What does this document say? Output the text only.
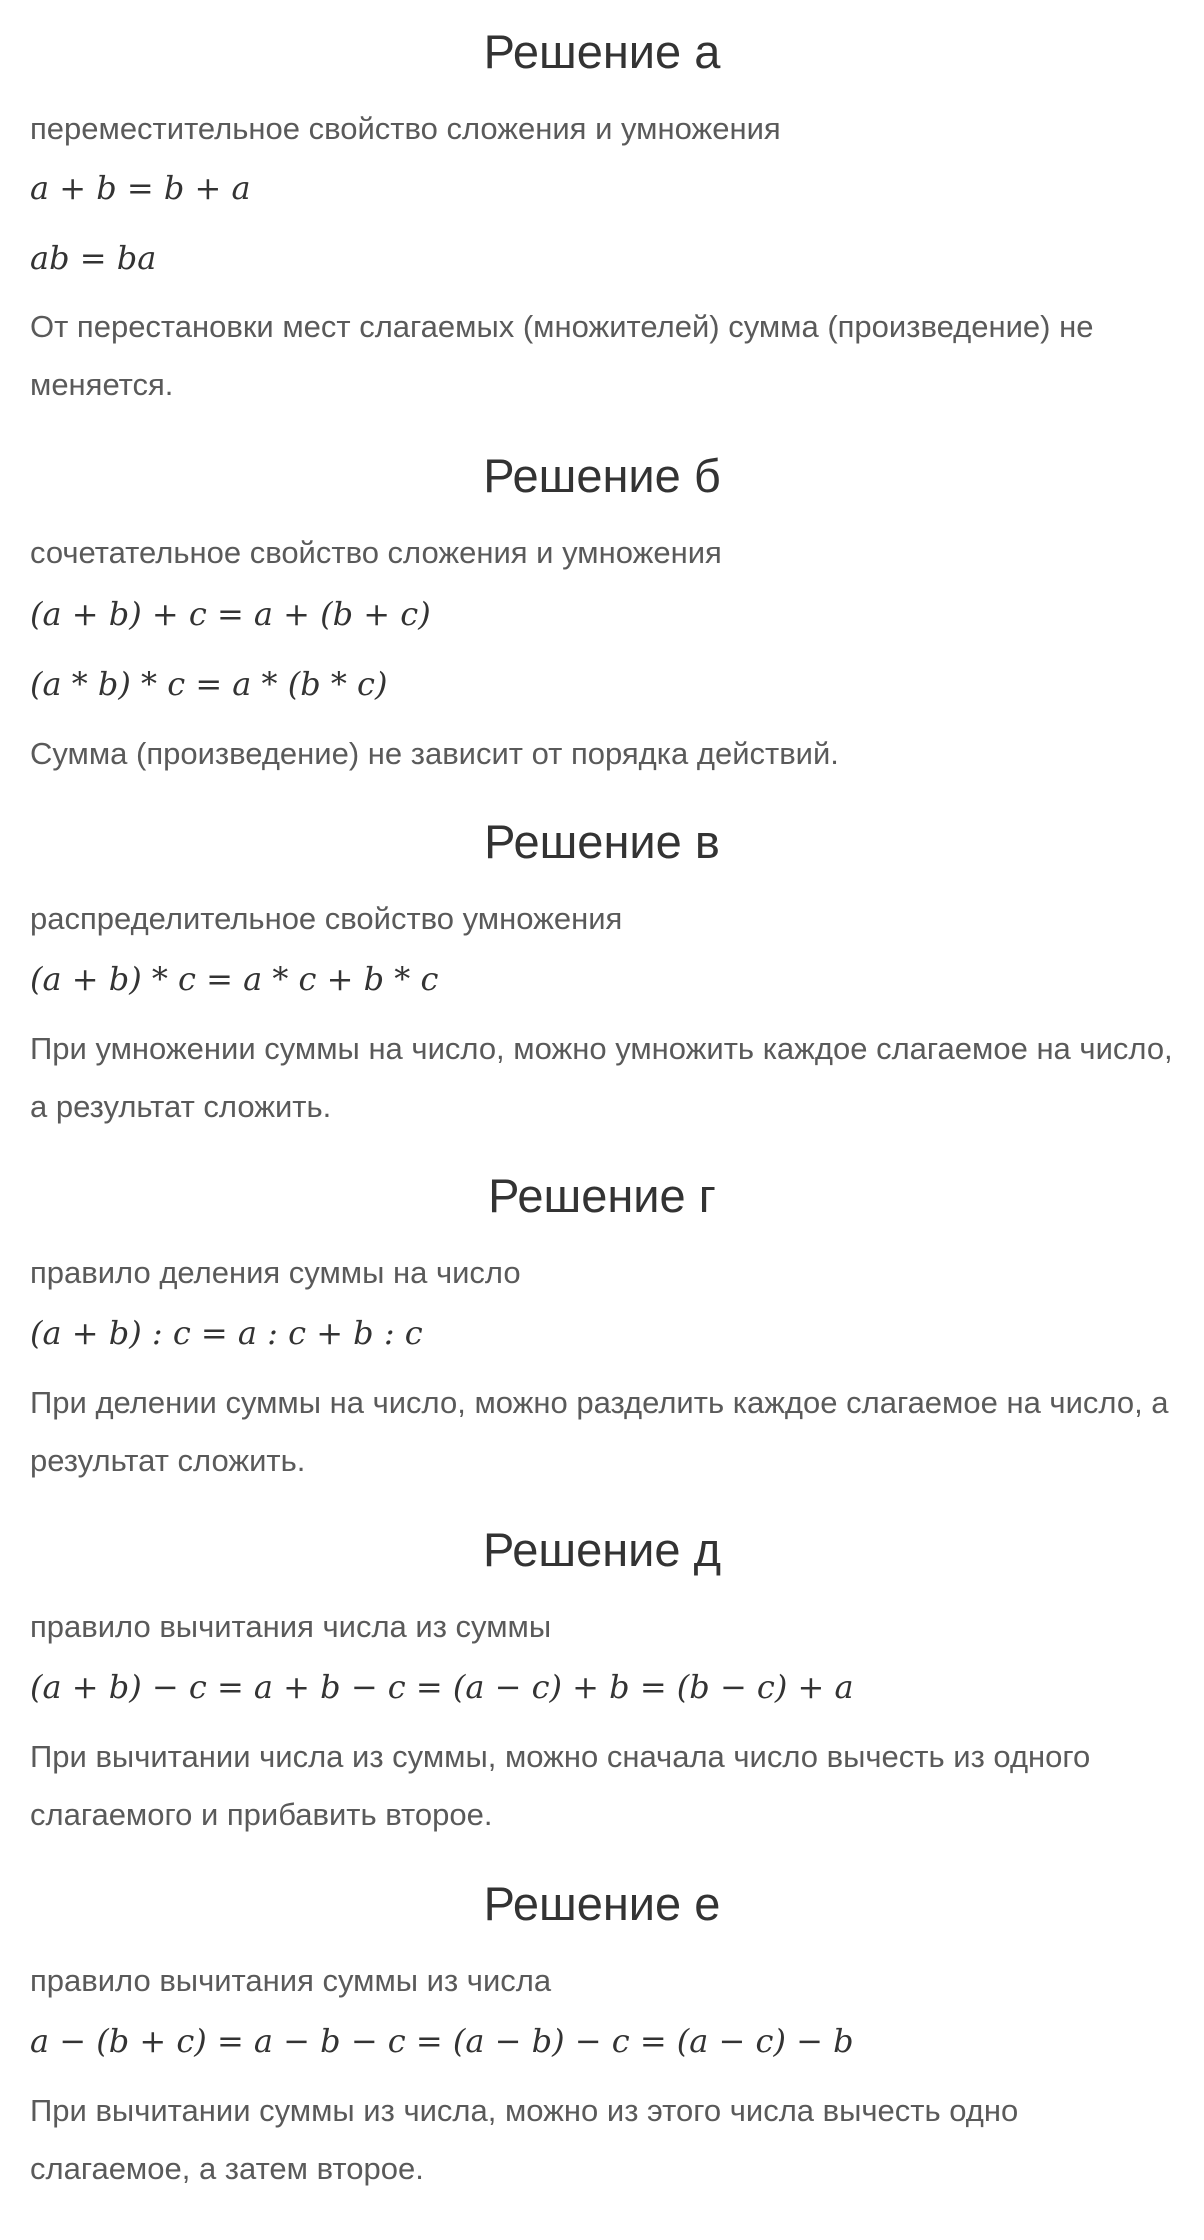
Решение а

переместительное свойство сложения и умножения

a + b = b + a

ab = ba

От перестановки мест слагаемых (множителей) сумма (произведение) не меняется.

Решение б

сочетательное свойство сложения и умножения

(a + b) + c = a + (b + c)

(a * b) * c = a * (b * c)

Сумма (произведение) не зависит от порядка действий.

Решение в

распределительное свойство умножения

(a + b) * c = a * c + b * c

При умножении суммы на число, можно умножить каждое слагаемое на число, а результат сложить.

Решение г

правило деления суммы на число

(a + b) : c = a : c + b : c

При делении суммы на число, можно разделить каждое слагаемое на число, а результат сложить.

Решение д

правило вычитания числа из суммы

(a + b) − c = a + b − c = (a − c) + b = (b − c) + a

При вычитании числа из суммы, можно сначала число вычесть из одного слагаемого и прибавить второе.

Решение е

правило вычитания суммы из числа

a − (b + c) = a − b − c = (a − b) − c = (a − c) − b

При вычитании суммы из числа, можно из этого числа вычесть одно слагаемое, а затем второе.
